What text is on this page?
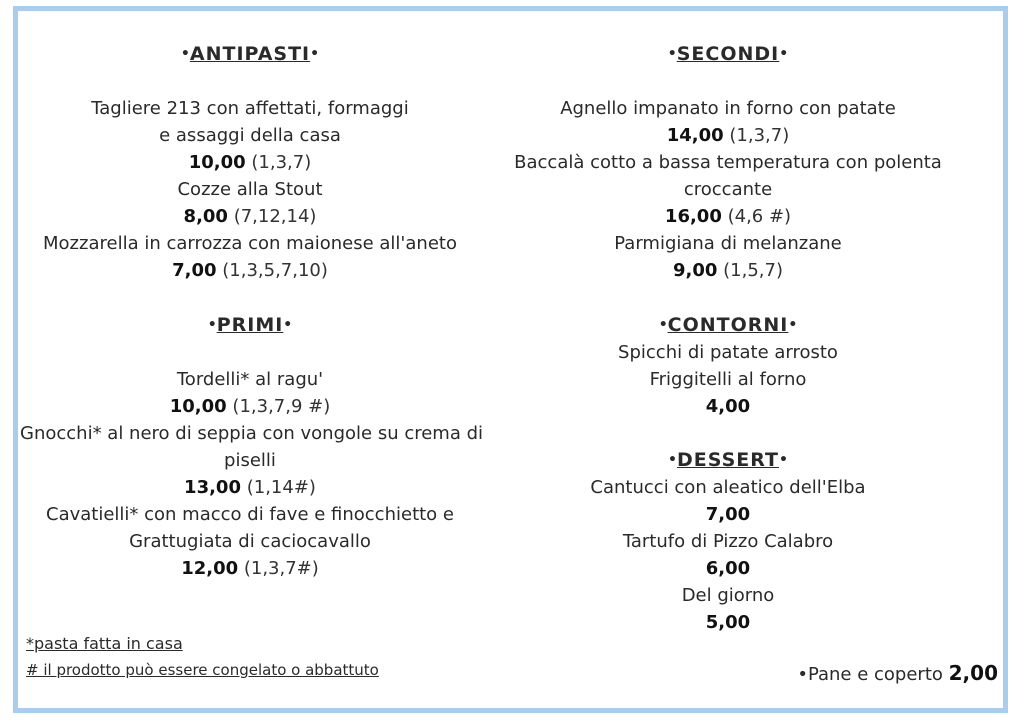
•ANTIPASTI•
Tagliere 213 con affettati, formaggi
e assaggi della casa
10,00 (1,3,7)
Cozze alla Stout
8,00 (7,12,14)
Mozzarella in carrozza con maionese all'aneto
7,00 (1,3,5,7,10)
•PRIMI•
Tordelli* al ragu'
10,00 (1,3,7,9 #)
Gnocchi* al nero di seppia con vongole su crema di
piselli
13,00 (1,14#)
Cavatielli* con macco di fave e finocchietto e
Grattugiata di caciocavallo
12,00 (1,3,7#)
•SECONDI•
Agnello impanato in forno con patate
14,00 (1,3,7)
Baccalà cotto a bassa temperatura con polenta
croccante
16,00 (4,6 #)
Parmigiana di melanzane
9,00 (1,5,7)
•CONTORNI•
Spicchi di patate arrosto
Friggitelli al forno
4,00
•DESSERT•
Cantucci con aleatico dell'Elba
7,00
Tartufo di Pizzo Calabro
6,00
Del giorno
5,00
*pasta fatta in casa
# il prodotto può essere congelato o abbattuto	•Pane e coperto 2,00
